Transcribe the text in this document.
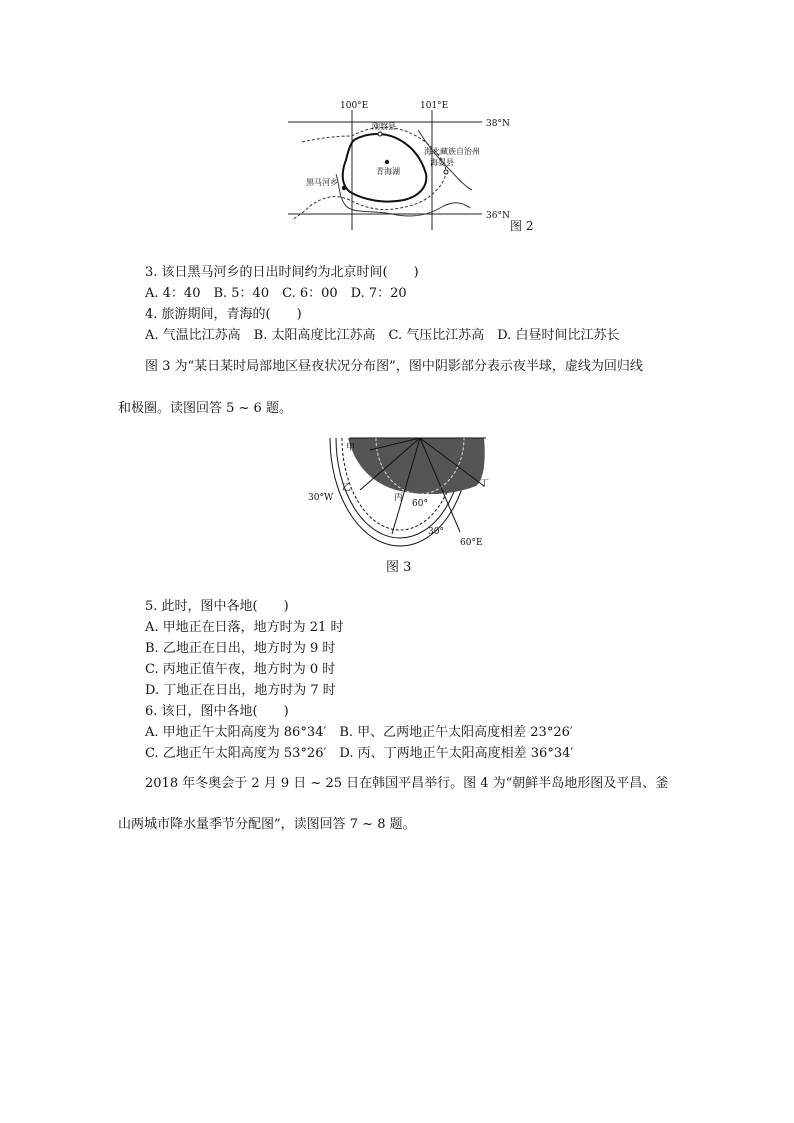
100°E	101°E
38°N
36°N
刚察县
海北藏族自治州
海晏县
青海湖
黑马河乡
图 2
3. 该日黑马河乡的日出时间约为北京时间(　　)
A. 4：40　B. 5：40　C. 6：00　D. 7：20
4. 旅游期间，青海的(　　)
A. 气温比江苏高　B. 太阳高度比江苏高　C. 气压比江苏高　D. 白昼时间比江苏长
图 3 为“某日某时局部地区昼夜状况分布图”，图中阴影部分表示夜半球，虚线为回归线
和极圈。读图回答 5 ~ 6 题。
甲
乙
丙
丁
60°
30°W
30°
60°E
图 3
5. 此时，图中各地(　　)
A. 甲地正在日落，地方时为 21 时
B. 乙地正在日出，地方时为 9 时
C. 丙地正值午夜，地方时为 0 时
D. 丁地正在日出，地方时为 7 时
6. 该日，图中各地(　　)
A. 甲地正午太阳高度为 86°34′　B. 甲、乙两地正午太阳高度相差 23°26′
C. 乙地正午太阳高度为 53°26′　D. 丙、丁两地正午太阳高度相差 36°34′
2018 年冬奥会于 2 月 9 日 ~ 25 日在韩国平昌举行。图 4 为“朝鲜半岛地形图及平昌、釜
山两城市降水量季节分配图”，读图回答 7 ~ 8 题。
